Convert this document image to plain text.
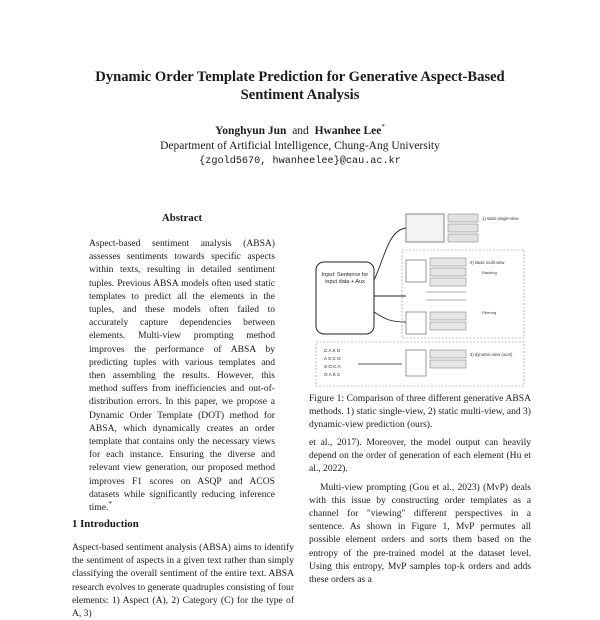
Dynamic Order Template Prediction for Generative Aspect-Based
Sentiment Analysis
Yonghyun Jun and Hwanhee Lee*
Department of Artificial Intelligence, Chung-Ang University
{zgold5670, hwanheelee}@cau.ac.kr
Abstract
Aspect-based sentiment analysis (ABSA) assesses sentiments towards specific aspects within texts, resulting in detailed sentiment tuples. Previous ABSA models often used static templates to predict all the elements in the tuples, and these models often failed to accurately capture dependencies between elements. Multi-view prompting method improves the performance of ABSA by predicting tuples with various templates and then assembling the results. However, this method suffers from inefficiencies and out-of-distribution errors. In this paper, we propose a Dynamic Order Template (DOT) method for ABSA, which dynamically creates an order template that contains only the necessary views for each instance. Ensuring the diverse and relevant view generation, our proposed method improves F1 scores on ASQP and ACOS datasets while significantly reducing inference time.*
1 Introduction
Aspect-based sentiment analysis (ABSA) aims to identify the sentiment of aspects in a given text rather than simply classifying the overall sentiment of the entire text. ABSA research evolves to generate quadruples consisting of four elements: 1) Aspect (A), 2) Category (C) for the type of A, 3)
Input: Sentence for input data + Aux
1) static single-view
2) static multi-view
Ranking
Filtering
C A S O
A S C O
S O C A
O A S C
3) dynamic-view (ours)
Figure 1: Comparison of three different generative ABSA methods. 1) static single-view, 2) static multi-view, and 3) dynamic-view prediction (ours).

et al., 2017). Moreover, the model output can heavily depend on the order of generation of each element (Hu et al., 2022).

Multi-view prompting (Gou et al., 2023) (MvP) deals with this issue by constructing order templates as a channel for "viewing" different perspectives in a sentence. As shown in Figure 1, MvP permutes all possible element orders and sorts them based on the entropy of the pre-trained model at the dataset level. Using this entropy, MvP samples top-k orders and adds these orders as a
